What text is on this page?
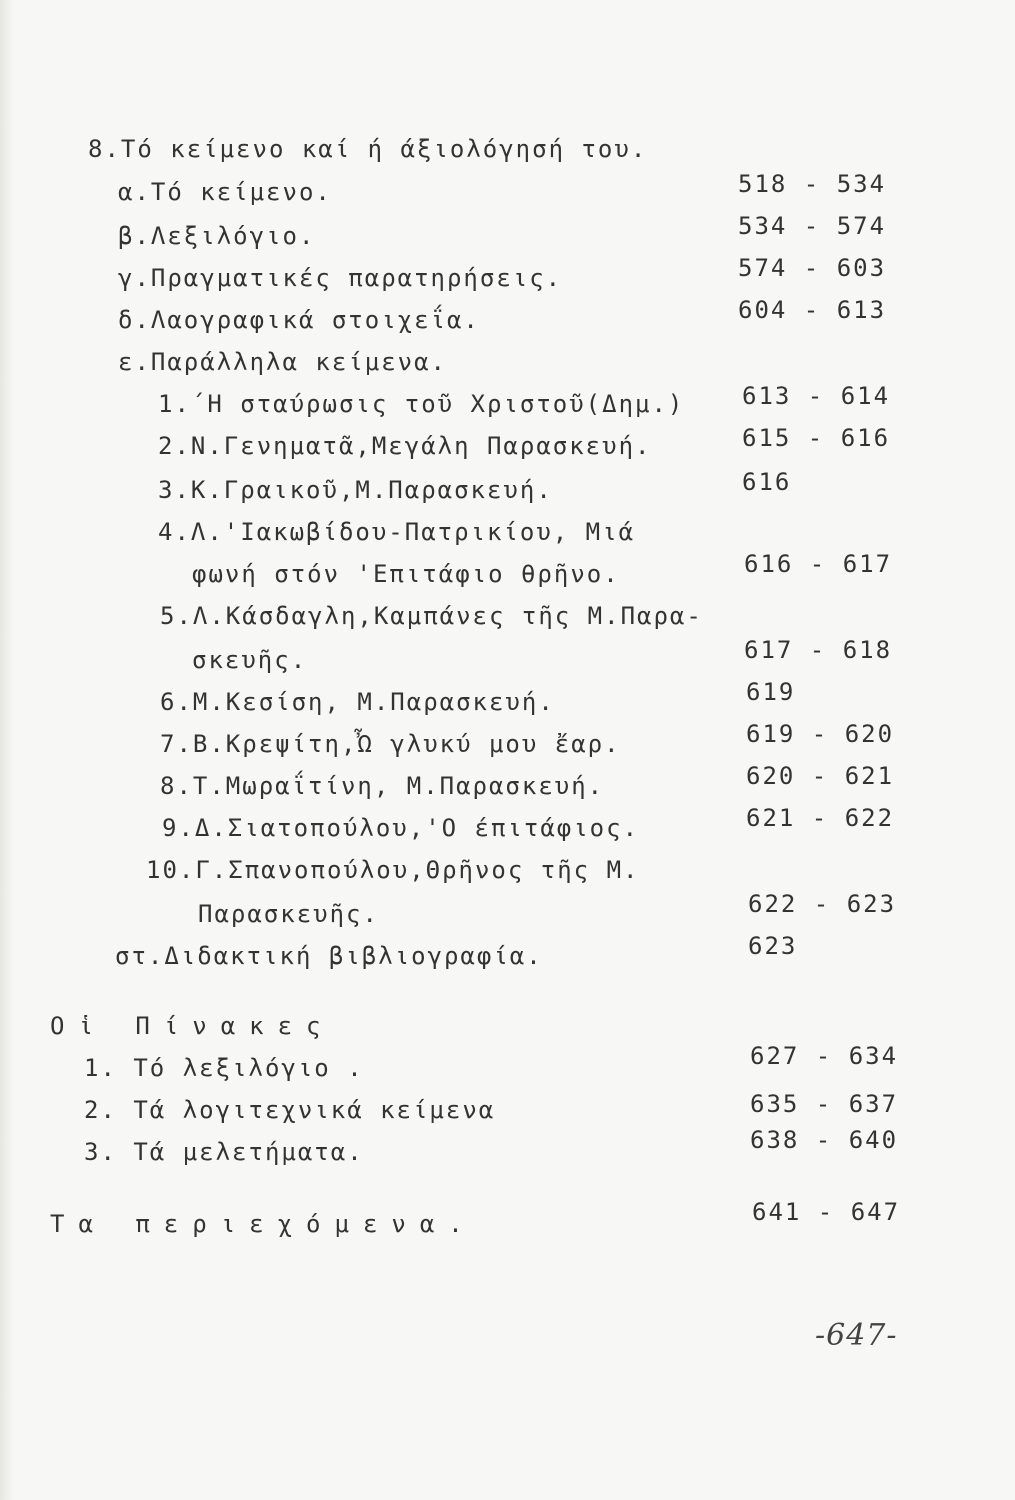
8.Τό κείμενο καί ή άξιολόγησή του.
α.Τό κείμενο.	518 - 534
β.Λεξιλόγιο.	534 - 574
γ.Πραγματικές παρατηρήσεις.	574 - 603
δ.Λαογραφικά στοιχεΐα.	604 - 613
ε.Παράλληλα κείμενα.
1.΄Η σταύρωσις τοῦ Χριστοῦ(Δημ.) 613 - 614
2.Ν.Γενηματᾶ,Μεγάλη Παρασκευή.	615 - 616
3.Κ.Γραικοῦ,Μ.Παρασκευή.	616
4.Λ.'Ιακωβίδου-Πατρικίου, Μιά
φωνή στόν 'Επιτάφιο θρῆνο.	616 - 617
5.Λ.Κάσδαγλη,Καμπάνες τῆς Μ.Παρα-
σκευῆς.	617 - 618
6.Μ.Κεσίση, Μ.Παρασκευή.	619
7.Β.Κρεψίτη,Ὦ γλυκύ μου ἔαρ.	619 - 620
8.Τ.Μωραΐτίνη, Μ.Παρασκευή.	620 - 621
9.Δ.Σιατοπούλου,'Ο έπιτάφιος.	621 - 622
10.Γ.Σπανοπούλου,Θρῆνος τῆς Μ.
Παρασκευῆς.	622 - 623
στ.Διδακτική βιβλιογραφία.	623
Οἱ Πίνακες
1. Τό λεξιλόγιο .	627 - 634
2. Τά λογιτεχνικά κείμενα	635 - 637
3. Τά μελετήματα.	638 - 640
Τα περιεχόμενα.	641 - 647
-647-
